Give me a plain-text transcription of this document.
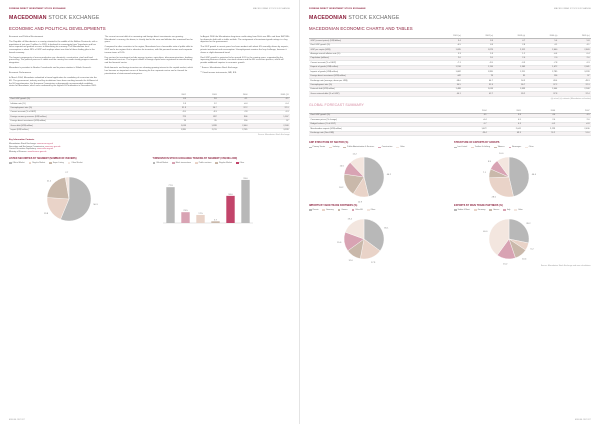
FOREIGN DIRECT INVESTMENT STOCK EXCHANGE	MACEDONIAN STOCK EXCHANGE
MACEDONIAN STOCK EXCHANGE
ECONOMIC AND POLITICAL DEVELOPMENTS

Economic and Political Environment

The Republic of Macedonia is a country situated in the middle of the Balkan Peninsula, with a population of just over 2 million. In 1991, it declared its sovereignty from Yugoslavia and has since experienced gradual success in liberalising its economy. The Macedonian local consumption is about 58% of GDP and employs about one third of those finding jobs in the formal economy.

The largest components of macro production are chemicals, construction, steel and food processing. The political process is stable and the country has made steady progress towards integration.

Macedonia's president is Branko Crvenkovski and its prime minister is Nikola Gruevski.

Economic Performance

In March 2004, Macedonia submitted a formal application for candidacy of accession into the EU. The government, industry and key institutions have been working towards the fulfilment of the EU questionnaire; the European Commission subsequently recommended candidate status for Macedonia, which was confirmed by the highest EU authorities in December 2005.

The current account deficit is narrowing and foreign direct investments are growing. Macedonia's currency, the denar, is closely tied to the euro and inflation has remained low for years.

Compared to other countries in the region, Macedonia has a favourable ratio of public debt to GDP and a tax regime that is attractive for investors, with flat personal income and corporate income taxes of 10%.

Key sectors for investment include energy, tourism, agriculture, telecommunications, banking and financial services. The largest inflows of foreign capital were registered in manufacturing and the financial sector.

Both domestic and foreign investors are showing growing interest in the capital market, which has become an important source of financing for the corporate sector and a channel for privatisation of state-owned enterprises.

In August 2006 the Macedonian long-term credit rating from Fitch was BB+ and from S&P BB+ for domestic debt with a stable outlook. The assignment of investment-grade ratings is a key objective for the government.

The GDP growth in recent years has been modest with about 4% annually, driven by exports, private investment and consumption. Unemployment remains the key challenge, however it shows a slight downward trend.

Real GDP growth is projected to be around 4-5% in the coming years, supported by the improving business climate, structural reforms and the EU accession process, which will provide additional impetus to economic growth.

* Source: Macedonian Stock Exchange.

** Fixed income instruments, IMF, IFS.

	2002	2003	2004	2005 Q3
Real GDP growth (%)	0.9	2.8	4.1	4.1
Inflation rate (%)	1.8	1.2	-0.4	0.4
Unemployment rate (%)	31.9	36.7	37.2	37.3
Current account (% of GDP)	-9.5	-3.3	-7.8	-1.3
Foreign currency reserves (US$ million)	723	897	906	1,307
Foreign direct investment (US$ million)	78	95	156	97
Gross debt (US$ million)	1,618	1,839	2,044	2,168
Import (US$ million)	1,995	2,211	2,785	3,228
Source: Macedonian Stock Exchange.
Key Information Contacts
Macedonian Stock Exchange: www.mse.org.mk
Securities and Exchange Commission: www.sec.gov.mk
Central Securities Depository: www.cdhv.org.mk
Ministry of Finance: www.finance.gov.mk
LISTED SECURITIES BY SEGMENT (NUMBER OF ISSUERS)
Official Market	Regular Market	Super Listing	Other Market
56.3
19.8
21.2
2.7
TURNOVER IN STOCK EXCHANGE TRADING BY SEGMENT (US$ MILLION)
Official Market	Block transactions	Public auctions	Regular Market	Other
77.9
23.5
17.5
3.7
59.0
93.6
ANNUAL REPORT
FOREIGN DIRECT INVESTMENT STOCK EXCHANGE	MACEDONIAN STOCK EXCHANGE
MACEDONIAN STOCK EXCHANGE
MACEDONIAN ECONOMIC CHARTS AND TABLES
	2001 (a)	2002 (a)	2003 (a)	2004 (a)	2005 (e)
GDP (current prices) (US$ billion)	3.4	3.8	4.7	5.4	5.8
Real GDP growth (%)	-4.5	0.9	2.8	4.1	4.1
GDP per capita (US$)	1,695	1,873	2,312	2,640	2,843
Average annual inflation rate (%)	5.3	1.8	1.2	-0.4	0.4
Population (millions)	2.0	2.0	2.0	2.0	2.0
Current account (% of GDP)	-7.1	-9.5	-3.3	-7.8	-1.3
Exports of goods (US$ million)	1,158	1,116	1,363	1,672	2,041
Imports of goods (US$ million)	1,682	1,995	2,211	2,785	3,228
Foreign direct investment (US$ million)	442	78	95	156	97
Exchange rate (average, denar per US$)	68.0	64.7	54.3	49.4	49.3
Unemployment rate (%)	30.5	31.9	36.7	37.2	37.3
External debt (US$ million)	1,488	1,618	1,839	2,044	2,168
Gross external debt (% of GDP)	44.1	42.7	39.2	37.8	37.4
(a) actual; (e) estimate (Macedonian authorities)
GLOBAL FORECAST SUMMARY
	2004	2005	2006	2007
Real GDP growth (%)	4.1	3.8	4.0	4.5
Consumer prices (% change)	-0.4	0.5	2.0	2.0
Budget balance (% of GDP)	0.7	0.3	-0.5	-0.8
Merchandise exports (US$ million)	1,672	2,041	2,229	2,430
Exchange rate (Den:US$)	49.4	49.3	51.2	51.0
GDP STRUCTURE BY SECTOR (%)
Primary Sector	Industry	Public Administration & Services	Construction	Other
46.2
12.9
18.2
10.5
12.2
STRUCTURE OF EXPORTS BY GROUPS
Iron & steel	Textiles & clothing	Tobacco	Beverages	Other
46.4
28.0
7.1
8.5
10.0
IMPORTS BY MAIN TRADE PARTNERS (%)
Russia	Germany	Greece	Other EU	Other
35.1
17.9
12.0
15.6
19.4
EXPORTS BY MAIN TRADE PARTNERS (%)
Serbia & Mont.	Germany	Greece	Italy	Other
28.2
6.2
10.4
15.2
40.0
Source: Macedonian Stock Exchange and own calculations.
ANNUAL REPORT
